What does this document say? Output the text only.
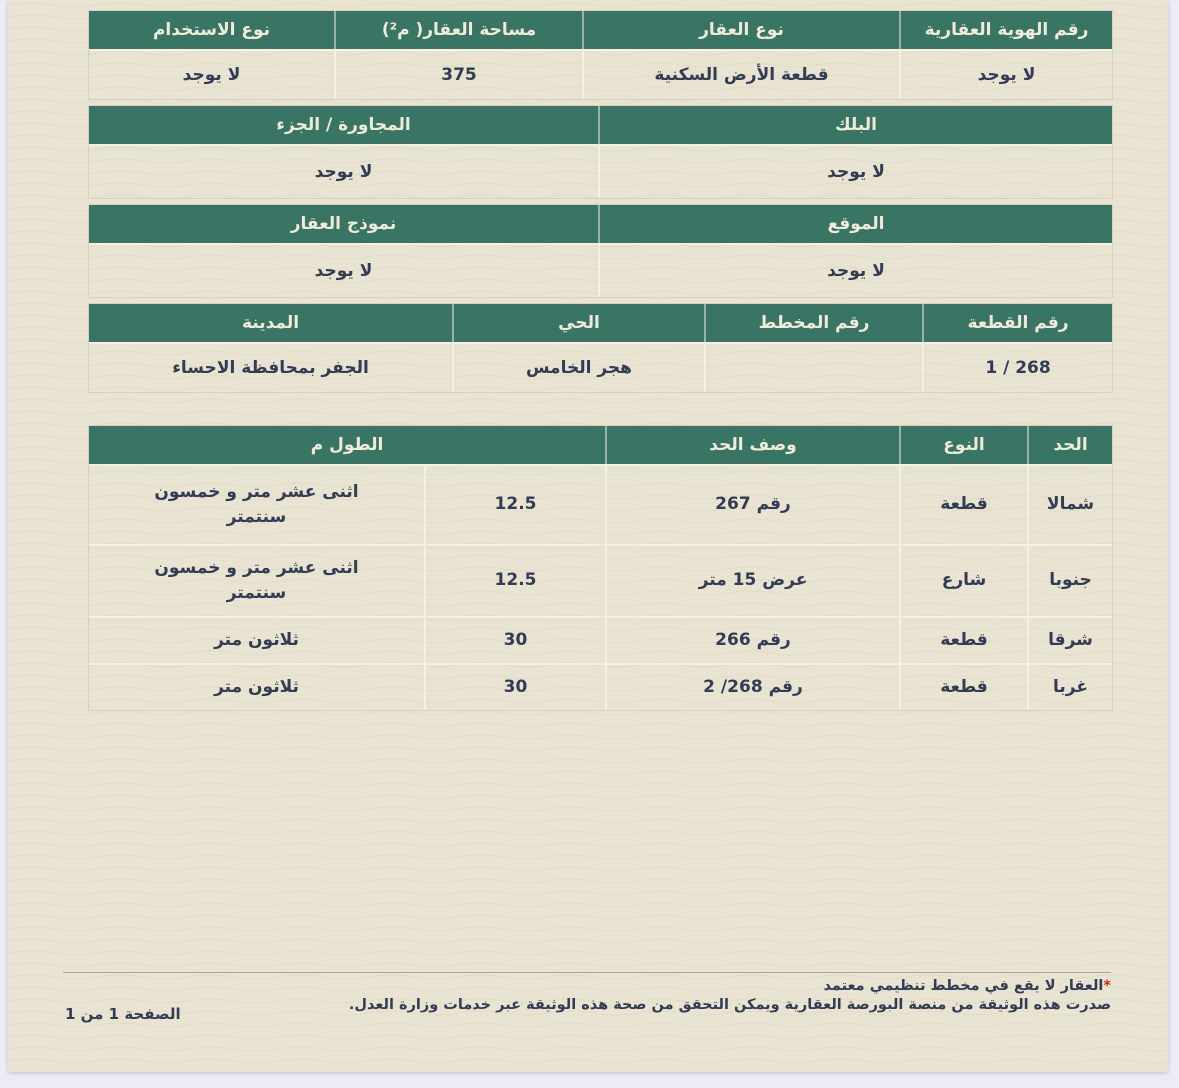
رقم الهوية العقارية
نوع العقار
مساحة العقار( م²)
نوع الاستخدام
لا يوجد
قطعة الأرض السكنية
375
لا يوجد
البلك
المجاورة / الجزء
لا يوجد
لا يوجد
الموقع
نموذج العقار
لا يوجد
لا يوجد
رقم القطعة
رقم المخطط
الحي
المدينة
268 / 1
هجر الخامس
الجفر بمحافظة الاحساء
الحد
النوع
وصف الحد
الطول م
شمالا
قطعة
رقم 267
12.5
اثنى عشر متر و خمسون سنتمتر
جنوبا
شارع
عرض 15 متر
12.5
اثنى عشر متر و خمسون سنتمتر
شرقا
قطعة
رقم 266
30
ثلاثون متر
غربا
قطعة
رقم 268/ 2
30
ثلاثون متر
*العقار لا يقع في مخطط تنظيمي معتمد
صدرت هذه الوثيقة من منصة البورصة العقارية ويمكن التحقق من صحة هذه الوثيقة عبر خدمات وزارة العدل.
الصفحة 1 من 1
